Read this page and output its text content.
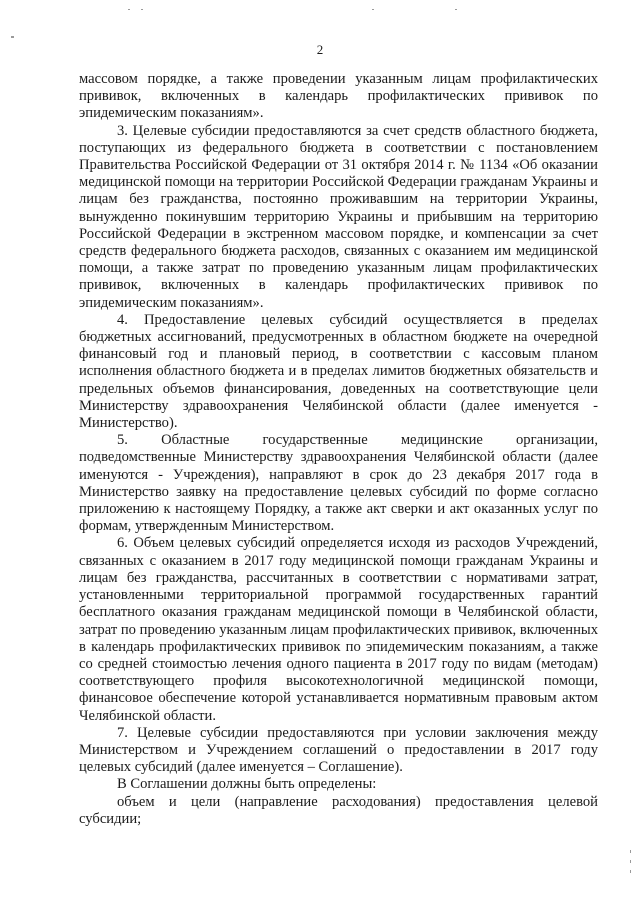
2

массовом порядке, а также проведении указанным лицам профилактических прививок, включенных в календарь профилактических прививок по эпидемическим показаниям».

3. Целевые субсидии предоставляются за счет средств областного бюджета, поступающих из федерального бюджета в соответствии с постановлением Правительства Российской Федерации от 31 октября 2014 г. № 1134 «Об оказании медицинской помощи на территории Российской Федерации гражданам Украины и лицам без гражданства, постоянно проживавшим на территории Украины, вынужденно покинувшим территорию Украины и прибывшим на территорию Российской Федерации в экстренном массовом порядке, и компенсации за счет средств федерального бюджета расходов, связанных с оказанием им медицинской помощи, а также затрат по проведению указанным лицам профилактических прививок, включенных в календарь профилактических прививок по эпидемическим показаниям».

4. Предоставление целевых субсидий осуществляется в пределах бюджетных ассигнований, предусмотренных в областном бюджете на очередной финансовый год и плановый период, в соответствии с кассовым планом исполнения областного бюджета и в пределах лимитов бюджетных обязательств и предельных объемов финансирования, доведенных на соответствующие цели Министерству здравоохранения Челябинской области (далее именуется - Министерство).

5. Областные государственные медицинские организации, подведомственные Министерству здравоохранения Челябинской области (далее именуются - Учреждения), направляют в срок до 23 декабря 2017 года в Министерство заявку на предоставление целевых субсидий по форме согласно приложению к настоящему Порядку, а также акт сверки и акт оказанных услуг по формам, утвержденным Министерством.

6. Объем целевых субсидий определяется исходя из расходов Учреждений, связанных с оказанием в 2017 году медицинской помощи гражданам Украины и лицам без гражданства, рассчитанных в соответствии с нормативами затрат, установленными территориальной программой государственных гарантий бесплатного оказания гражданам медицинской помощи в Челябинской области, затрат по проведению указанным лицам профилактических прививок, включенных в календарь профилактических прививок по эпидемическим показаниям, а также со средней стоимостью лечения одного пациента в 2017 году по видам (методам) соответствующего профиля высокотехнологичной медицинской помощи, финансовое обеспечение которой устанавливается нормативным правовым актом Челябинской области.

7. Целевые субсидии предоставляются при условии заключения между Министерством и Учреждением соглашений о предоставлении в 2017 году целевых субсидий (далее именуется – Соглашение).

В Соглашении должны быть определены:

объем и цели (направление расходования) предоставления целевой субсидии;
